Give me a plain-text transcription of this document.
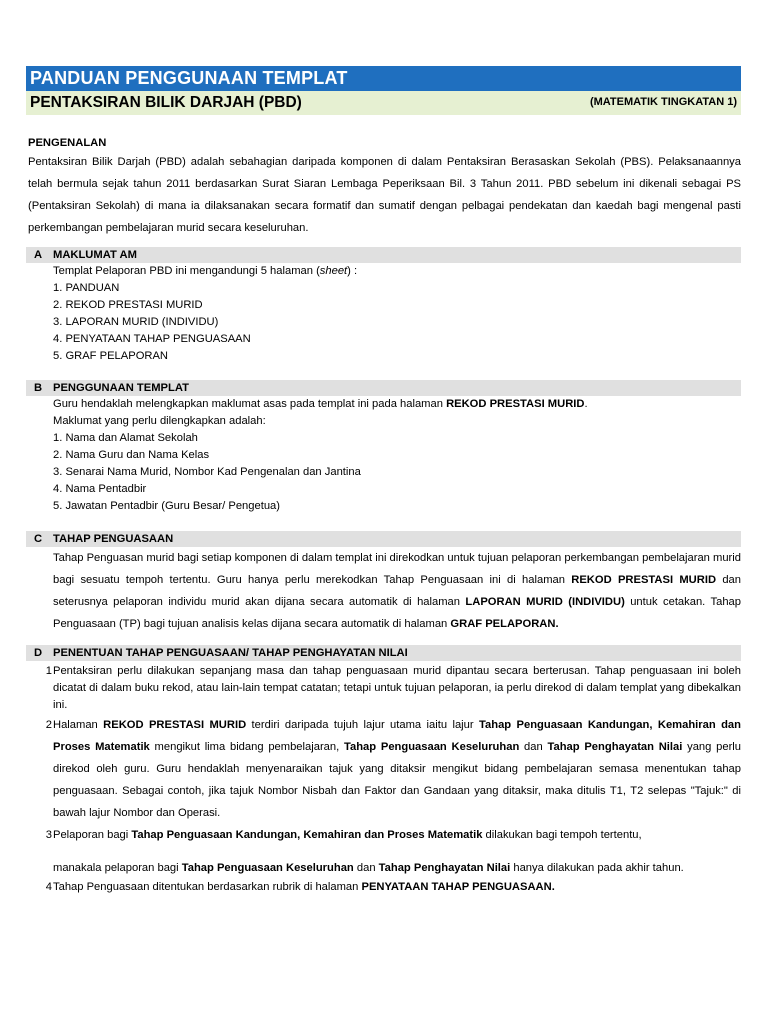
PANDUAN PENGGUNAAN TEMPLAT
PENTAKSIRAN BILIK DARJAH (PBD)	(MATEMATIK TINGKATAN 1)
PENGENALAN
Pentaksiran Bilik Darjah (PBD) adalah sebahagian daripada komponen di dalam Pentaksiran Berasaskan Sekolah (PBS). Pelaksanaannya telah bermula sejak tahun 2011 berdasarkan Surat Siaran Lembaga Peperiksaan Bil. 3 Tahun 2011. PBD sebelum ini dikenali sebagai PS (Pentaksiran Sekolah) di mana ia dilaksanakan secara formatif dan sumatif dengan pelbagai pendekatan dan kaedah bagi mengenal pasti perkembangan pembelajaran murid secara keseluruhan.
A MAKLUMAT AM

Templat Pelaporan PBD ini mengandungi 5 halaman (sheet) :

1. PANDUAN

2. REKOD PRESTASI MURID

3. LAPORAN MURID (INDIVIDU)

4. PENYATAAN TAHAP PENGUASAAN

5. GRAF PELAPORAN

B PENGGUNAAN TEMPLAT

Guru hendaklah melengkapkan maklumat asas pada templat ini pada halaman REKOD PRESTASI MURID.

Maklumat yang perlu dilengkapkan adalah:

1. Nama dan Alamat Sekolah

2. Nama Guru dan Nama Kelas

3. Senarai Nama Murid, Nombor Kad Pengenalan dan Jantina

4. Nama Pentadbir

5. Jawatan Pentadbir (Guru Besar/ Pengetua)

C TAHAP PENGUASAAN
Tahap Penguasan murid bagi setiap komponen di dalam templat ini direkodkan untuk tujuan pelaporan perkembangan pembelajaran murid bagi sesuatu tempoh tertentu. Guru hanya perlu merekodkan Tahap Penguasaan ini di halaman REKOD PRESTASI MURID dan seterusnya pelaporan individu murid akan dijana secara automatik di halaman LAPORAN MURID (INDIVIDU) untuk cetakan. Tahap Penguasaan (TP) bagi tujuan analisis kelas dijana secara automatik di halaman GRAF PELAPORAN.
D PENENTUAN TAHAP PENGUASAAN/ TAHAP PENGHAYATAN NILAI
1 Pentaksiran perlu dilakukan sepanjang masa dan tahap penguasaan murid dipantau secara berterusan. Tahap penguasaan ini boleh dicatat di dalam buku rekod, atau lain-lain tempat catatan; tetapi untuk tujuan pelaporan, ia perlu direkod di dalam templat yang dibekalkan ini.
2 Halaman REKOD PRESTASI MURID terdiri daripada tujuh lajur utama iaitu lajur Tahap Penguasaan Kandungan, Kemahiran dan Proses Matematik mengikut lima bidang pembelajaran, Tahap Penguasaan Keseluruhan dan Tahap Penghayatan Nilai yang perlu direkod oleh guru. Guru hendaklah menyenaraikan tajuk yang ditaksir mengikut bidang pembelajaran semasa menentukan tahap penguasaan. Sebagai contoh, jika tajuk Nombor Nisbah dan Faktor dan Gandaan yang ditaksir, maka ditulis T1, T2 selepas "Tajuk:" di bawah lajur Nombor dan Operasi.
3 Pelaporan bagi Tahap Penguasaan Kandungan, Kemahiran dan Proses Matematik dilakukan bagi tempoh tertentu,
manakala pelaporan bagi Tahap Penguasaan Keseluruhan dan Tahap Penghayatan Nilai hanya dilakukan pada akhir tahun.
4 Tahap Penguasaan ditentukan berdasarkan rubrik di halaman PENYATAAN TAHAP PENGUASAAN.
